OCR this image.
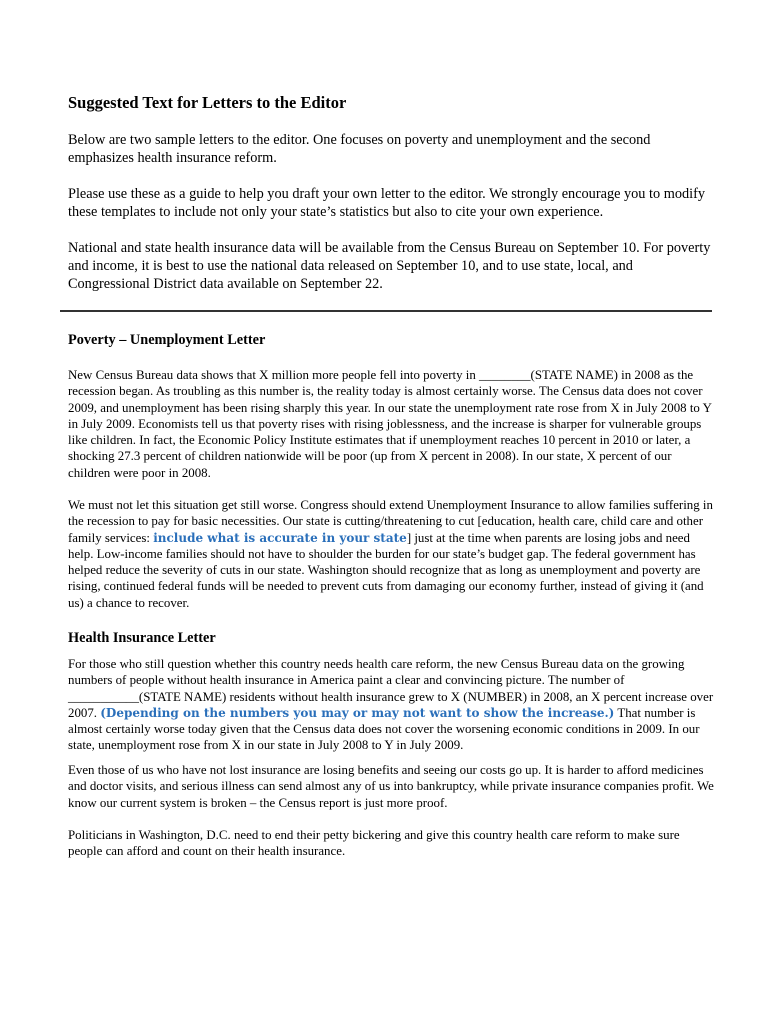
Suggested Text for Letters to the Editor

Below are two sample letters to the editor. One focuses on poverty and unemployment and the second emphasizes health insurance reform.

Please use these as a guide to help you draft your own letter to the editor. We strongly encourage you to modify these templates to include not only your state’s statistics but also to cite your own experience.

National and state health insurance data will be available from the Census Bureau on September 10. For poverty and income, it is best to use the national data released on September 10, and to use state, local, and Congressional District data available on September 22.

Poverty – Unemployment Letter

New Census Bureau data shows that X million more people fell into poverty in ________(STATE NAME) in 2008 as the recession began. As troubling as this number is, the reality today is almost certainly worse. The Census data does not cover 2009, and unemployment has been rising sharply this year. In our state the unemployment rate rose from X in July 2008 to Y in July 2009. Economists tell us that poverty rises with rising joblessness, and the increase is sharper for vulnerable groups like children. In fact, the Economic Policy Institute estimates that if unemployment reaches 10 percent in 2010 or later, a shocking 27.3 percent of children nationwide will be poor (up from X percent in 2008). In our state, X percent of our children were poor in 2008.

We must not let this situation get still worse. Congress should extend Unemployment Insurance to allow families suffering in the recession to pay for basic necessities. Our state is cutting/threatening to cut [education, health care, child care and other family services: include what is accurate in your state] just at the time when parents are losing jobs and need help. Low-income families should not have to shoulder the burden for our state’s budget gap. The federal government has helped reduce the severity of cuts in our state. Washington should recognize that as long as unemployment and poverty are rising, continued federal funds will be needed to prevent cuts from damaging our economy further, instead of giving it (and us) a chance to recover.

Health Insurance Letter

For those who still question whether this country needs health care reform, the new Census Bureau data on the growing numbers of people without health insurance in America paint a clear and convincing picture. The number of ___________(STATE NAME) residents without health insurance grew to X (NUMBER) in 2008, an X percent increase over 2007. (Depending on the numbers you may or may not want to show the increase.) That number is almost certainly worse today given that the Census data does not cover the worsening economic conditions in 2009. In our state, unemployment rose from X in our state in July 2008 to Y in July 2009.

Even those of us who have not lost insurance are losing benefits and seeing our costs go up. It is harder to afford medicines and doctor visits, and serious illness can send almost any of us into bankruptcy, while private insurance companies profit. We know our current system is broken – the Census report is just more proof.

Politicians in Washington, D.C. need to end their petty bickering and give this country health care reform to make sure people can afford and count on their health insurance.
